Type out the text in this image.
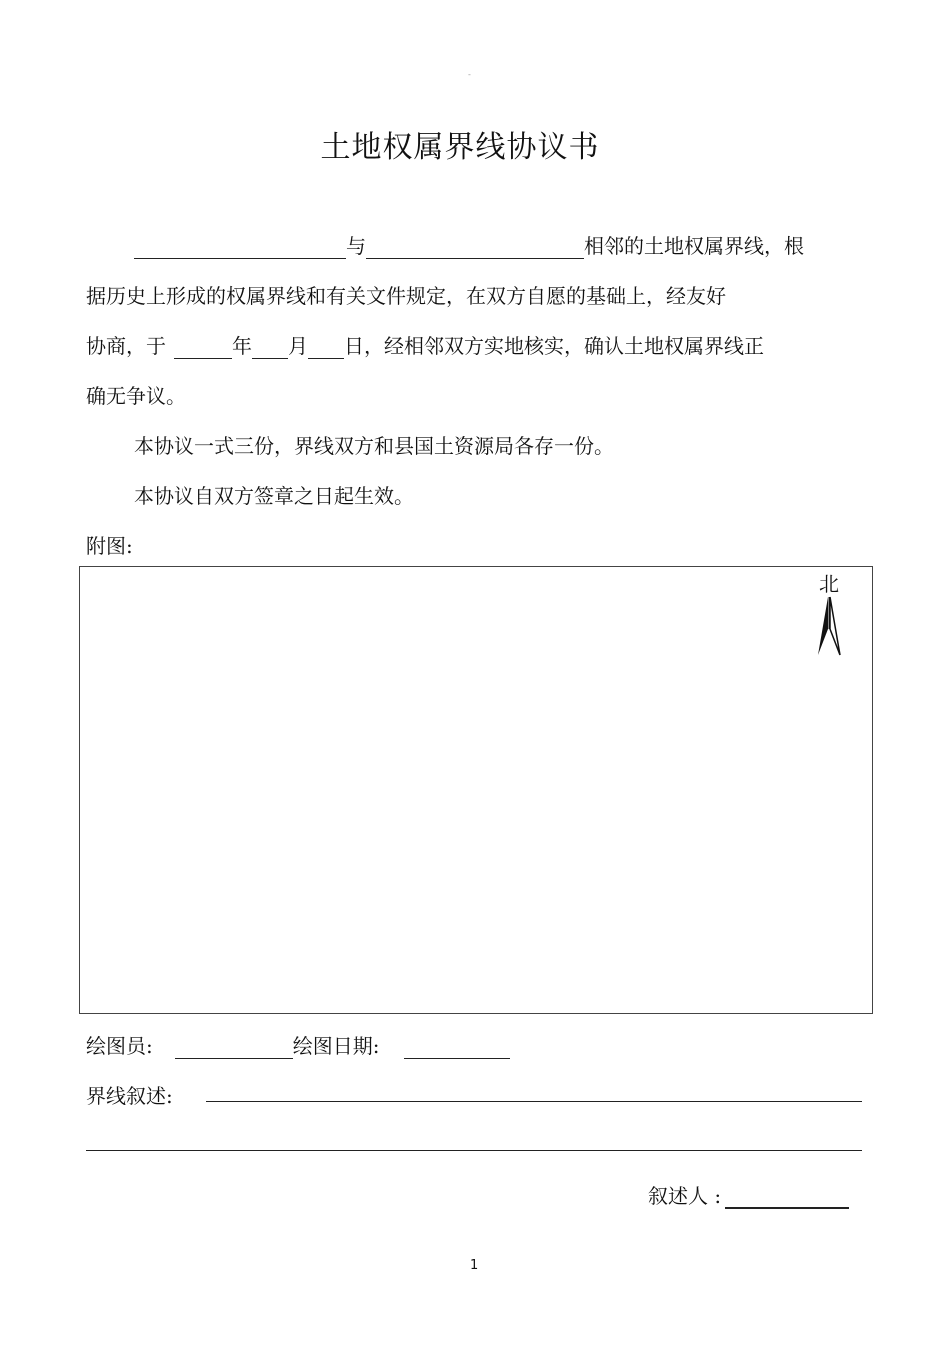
-
土地权属界线协议书
与	相邻的土地权属界线，根
据历史上形成的权属界线和有关文件规定，在双方自愿的基础上，经友好
协商，于	年 月 日，经相邻双方实地核实，确认土地权属界线正
确无争议。
本协议一式三份，界线双方和县国土资源局各存一份。
本协议自双方签章之日起生效。
附图:
北
绘图员:	绘图日期:
界线叙述:
叙述人 :
1
